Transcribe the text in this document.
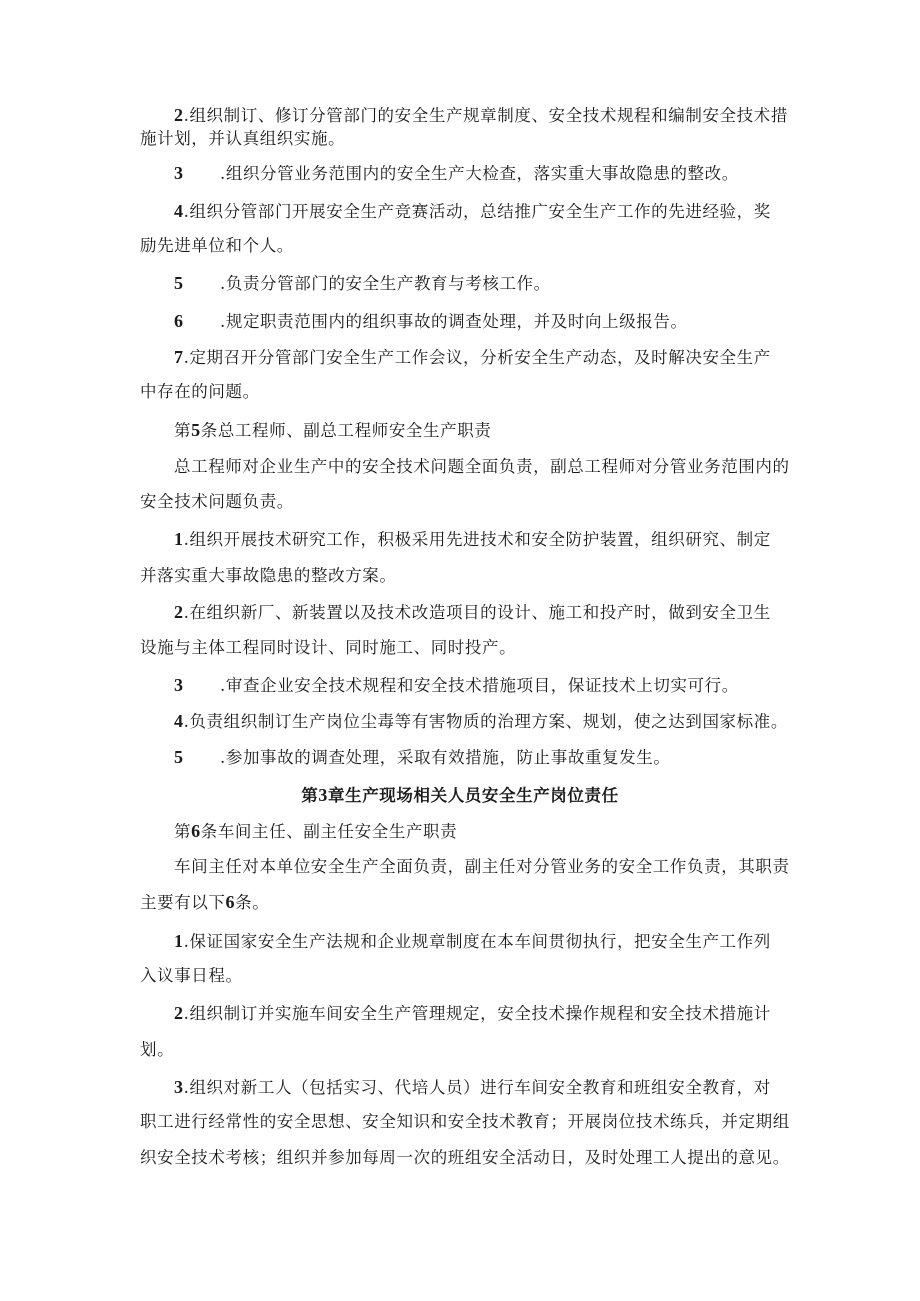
2.组织制订、修订分管部门的安全生产规章制度、安全技术规程和编制安全技术措
施计划，并认真组织实施。
3 .组织分管业务范围内的安全生产大检查，落实重大事故隐患的整改。
4.组织分管部门开展安全生产竞赛活动，总结推广安全生产工作的先进经验，奖
励先进单位和个人。
5 .负责分管部门的安全生产教育与考核工作。
6 .规定职责范围内的组织事故的调查处理，并及时向上级报告。
7.定期召开分管部门安全生产工作会议，分析安全生产动态，及时解决安全生产
中存在的问题。
第5条总工程师、副总工程师安全生产职责
总工程师对企业生产中的安全技术问题全面负责，副总工程师对分管业务范围内的
安全技术问题负责。
1.组织开展技术研究工作，积极采用先进技术和安全防护装置，组织研究、制定
并落实重大事故隐患的整改方案。
2.在组织新厂、新装置以及技术改造项目的设计、施工和投产时，做到安全卫生
设施与主体工程同时设计、同时施工、同时投产。
3 .审查企业安全技术规程和安全技术措施项目，保证技术上切实可行。
4.负责组织制订生产岗位尘毒等有害物质的治理方案、规划，使之达到国家标准。
5 .参加事故的调查处理，采取有效措施，防止事故重复发生。
第3章生产现场相关人员安全生产岗位责任
第6条车间主任、副主任安全生产职责
车间主任对本单位安全生产全面负责，副主任对分管业务的安全工作负责，其职责
主要有以下6条。
1.保证国家安全生产法规和企业规章制度在本车间贯彻执行，把安全生产工作列
入议事日程。
2.组织制订并实施车间安全生产管理规定，安全技术操作规程和安全技术措施计
划。
3.组织对新工人（包括实习、代培人员）进行车间安全教育和班组安全教育，对
职工进行经常性的安全思想、安全知识和安全技术教育；开展岗位技术练兵，并定期组
织安全技术考核；组织并参加每周一次的班组安全活动日，及时处理工人提出的意见。
